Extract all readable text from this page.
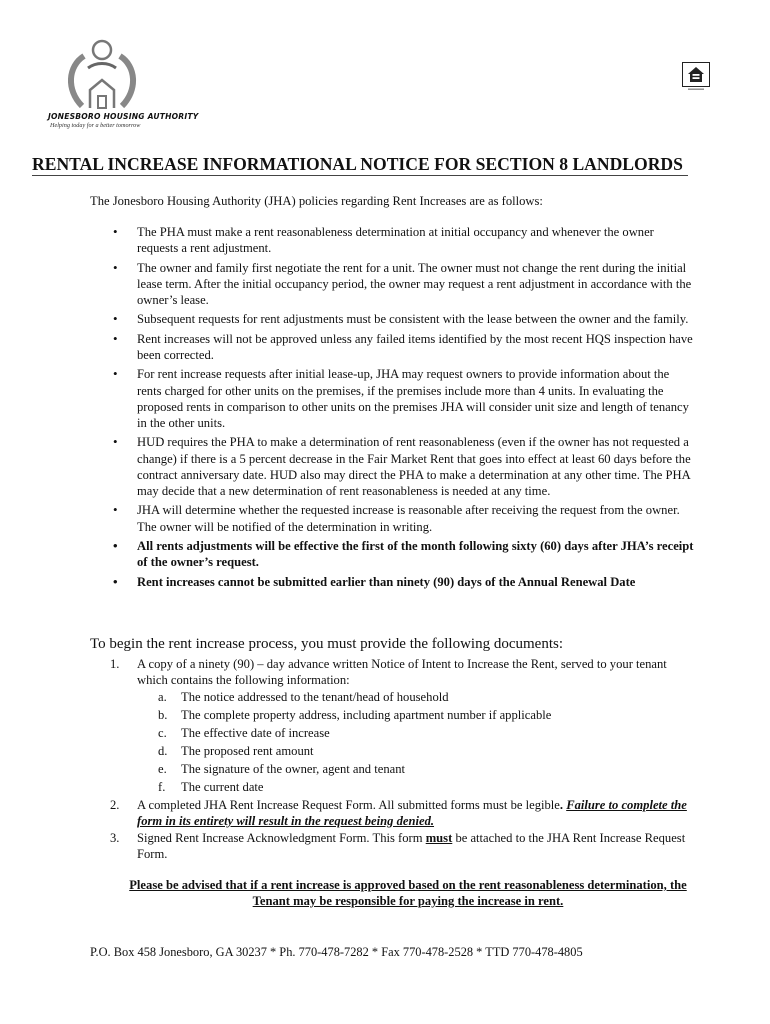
JONESBORO HOUSING AUTHORITY
Helping today for a better tomorrow
RENTAL INCREASE INFORMATIONAL NOTICE FOR SECTION 8 LANDLORDS
The Jonesboro Housing Authority (JHA) policies regarding Rent Increases are as follows:
• The PHA must make a rent reasonableness determination at initial occupancy and whenever the owner requests a rent adjustment.
• The owner and family first negotiate the rent for a unit. The owner must not change the rent during the initial lease term. After the initial occupancy period, the owner may request a rent adjustment in accordance with the owner’s lease.
• Subsequent requests for rent adjustments must be consistent with the lease between the owner and the family.
• Rent increases will not be approved unless any failed items identified by the most recent HQS inspection have been corrected.
• For rent increase requests after initial lease-up, JHA may request owners to provide information about the rents charged for other units on the premises, if the premises include more than 4 units. In evaluating the proposed rents in comparison to other units on the premises JHA will consider unit size and length of tenancy in the other units.
• HUD requires the PHA to make a determination of rent reasonableness (even if the owner has not requested a change) if there is a 5 percent decrease in the Fair Market Rent that goes into effect at least 60 days before the contract anniversary date. HUD also may direct the PHA to make a determination at any other time. The PHA may decide that a new determination of rent reasonableness is needed at any time.
• JHA will determine whether the requested increase is reasonable after receiving the request from the owner. The owner will be notified of the determination in writing.
• All rents adjustments will be effective the first of the month following sixty (60) days after JHA’s receipt of the owner’s request.
• Rent increases cannot be submitted earlier than ninety (90) days of the Annual Renewal Date
To begin the rent increase process, you must provide the following documents:
1. A copy of a ninety (90) – day advance written Notice of Intent to Increase the Rent, served to your tenant which contains the following information:
a. The notice addressed to the tenant/head of household
b. The complete property address, including apartment number if applicable
c. The effective date of increase
d. The proposed rent amount
e. The signature of the owner, agent and tenant
f. The current date
2. A completed JHA Rent Increase Request Form. All submitted forms must be legible. Failure to complete the form in its entirety will result in the request being denied.
3. Signed Rent Increase Acknowledgment Form. This form must be attached to the JHA Rent Increase Request Form.
Please be advised that if a rent increase is approved based on the rent reasonableness determination, the Tenant may be responsible for paying the increase in rent.
P.O. Box 458 Jonesboro, GA 30237 * Ph. 770-478-7282 * Fax 770-478-2528 * TTD 770-478-4805
